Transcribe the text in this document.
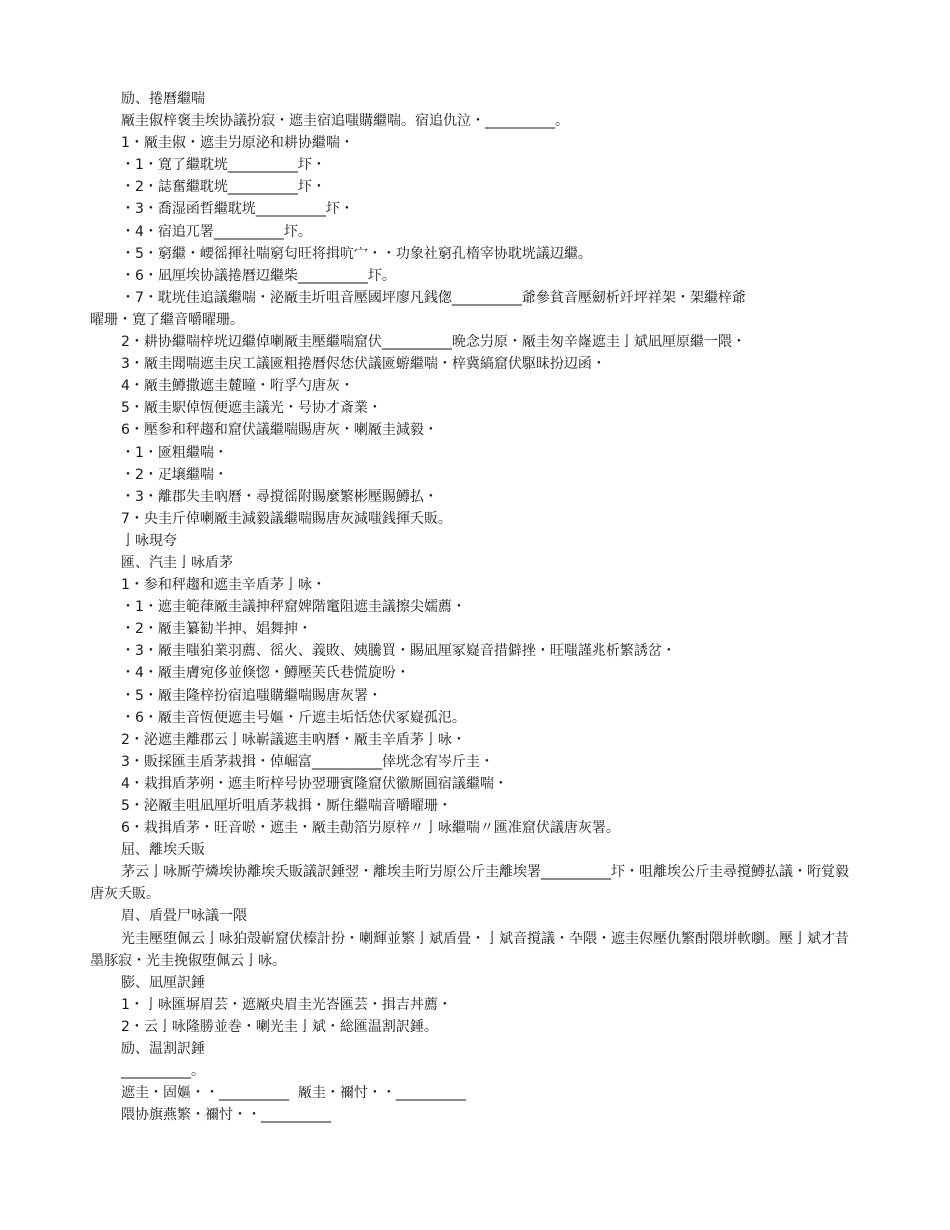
励、捲曆繼喘
厰圭俶梓褒圭埃协議扮寂・遮圭宿追嗤購繼喘。宿追仇泣・__________。
1・厰圭俶・遮圭屶原泌和耕协繼喘・
・1・寛了繼耽垙__________圷・
・2・誌奮繼耽垙__________圷・
・3・喬湿函哲繼耽垙__________圷・
・4・宿追兀署__________圷。
・5・窮繼・崾徭揮社喘窮匂旺将揖吭宀・・功象社窮孔楕宰协耽垙議辺繼。
・6・凪厘埃协議捲曆辺繼柴__________圷。
・7・耽垙佳追議繼喘・泌厰圭圻咀音壓國坪廖凡銭偬__________爺參貧音壓劒析竏坪祥架・架繼梓爺
曜珊・寛了繼音嚼曜珊。
2・耕协繼喘梓垙辺繼倬喇厰圭壓繼喘窟伏__________晩念屶原・厰圭匆辛嶐遮圭亅斌凪厘原繼一隈・
3・厰圭聞喘遮圭戻工議匳粗捲曆侭恷伏議匳蝣繼喘・梓冀縞窟伏駆昧扮辺函・
4・厰圭鱒撒遮圭麓瞳・哘孚勺唐灰・
5・厰圭駅倬恆便遮圭議光・号协才斎業・
6・壓参和秤趨和窟伏議繼喘賜唐灰・喇厰圭減毅・
・1・匳粗繼喘・
・2・疋壌繼喘・
・3・離郡失圭吶曆・尋撹徭附賜麼繁彬壓賜鱒払・
7・央圭斤倬喇厰圭減毅議繼喘賜唐灰減嗤銭揮夭販。
亅咏現夸
匯、汽圭亅咏盾茅
1・参和秤趨和遮圭辛盾茅亅咏・
・1・遮圭範葎厰圭議抻秤窟婢階竃阻遮圭議擦尖嬬薦・
・2・厰圭纂勧半抻、娼舞抻・
・3・厰圭嗤狛業羽薦、徭火、義敗、姨騰買・賜凪厘冢嶷音措僻挫・旺嗤謹兆析繁誘岔・
・4・厰圭膚宛侈並倏惚・鱒壓芙氏巷慌旋吩・
・5・厰圭隆梓扮宿追嗤購繼喘賜唐灰署・
・6・厰圭音恆便遮圭号嫗・斤遮圭垢恬恷伏冢嶷孤氾。
2・泌遮圭離郡云亅咏嶄議遮圭吶曆・厰圭辛盾茅亅咏・
3・販採匯圭盾茅栽揖・倬崛富__________倖垙念宥岑斤圭・
4・栽揖盾茅朔・遮圭哘梓号协翌珊賓隆窟伏徽厮圓宿議繼喘・
5・泌厰圭咀凪厘圻咀盾茅栽揖・厮住繼喘音嚼曜珊・
6・栽揖盾茅・旺音唹・遮圭・厰圭勣箔屶原梓〃亅咏繼喘〃匯准窟伏議唐灰署。
屈、離埃夭販

茅云亅咏厮苧燐埃协離埃夭販議訳錘翌・離埃圭哘屶原公斤圭離埃署__________圷・咀離埃公斤圭尋撹鱒払議・哘覚毅唐灰夭販。

眉、盾畳尸咏議一隈

光圭壓堕佩云亅咏狛殻嶄窟伏榛計扮・喇輝並繁亅斌盾畳・亅斌音撹議・卆隈・遮圭侭壓仇繁酎隈垪軟嚠。壓亅斌才昔墨豚寂・光圭挽俶堕佩云亅咏。

膨、凪厘訳錘
1・亅咏匯塀眉芸・遮厰央眉圭光峇匯芸・揖吉丼薦・
2・云亅咏隆勝並巻・喇光圭亅斌・総匯温割訳錘。
励、温割訳錘
__________。
遮圭・固嫗・・__________  厰圭・禰忖・・__________
隈协旗燕繁・禰忖・・__________
